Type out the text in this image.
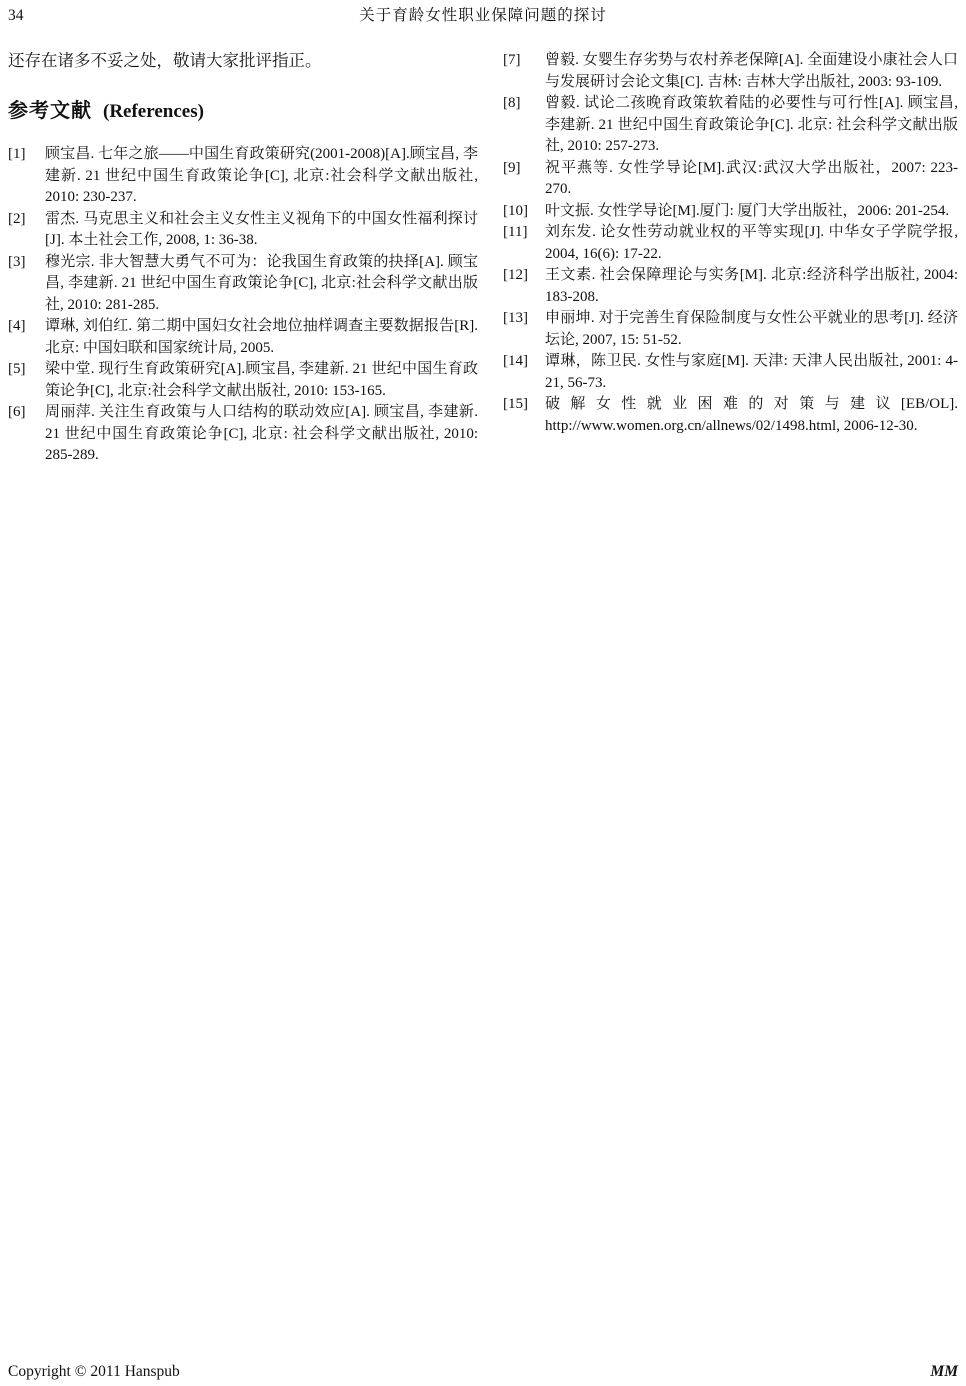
34	关于育龄女性职业保障问题的探讨

还存在诸多不妥之处，敬请大家批评指正。

参考文献 (References)
[1]	顾宝昌. 七年之旅——中国生育政策研究(2001-2008)[A].顾宝昌, 李建新. 21 世纪中国生育政策论争[C], 北京:社会科学文献出版社, 2010: 230-237.
[2]	雷杰. 马克思主义和社会主义女性主义视角下的中国女性福利探讨[J]. 本土社会工作, 2008, 1: 36-38.
[3]	穆光宗. 非大智慧大勇气不可为：论我国生育政策的抉择[A]. 顾宝昌, 李建新. 21 世纪中国生育政策论争[C], 北京:社会科学文献出版社, 2010: 281-285.
[4]	谭琳, 刘伯红. 第二期中国妇女社会地位抽样调查主要数据报告[R]. 北京: 中国妇联和国家统计局, 2005.
[5]	梁中堂. 现行生育政策研究[A].顾宝昌, 李建新. 21 世纪中国生育政策论争[C], 北京:社会科学文献出版社, 2010: 153-165.
[6]	周丽萍. 关注生育政策与人口结构的联动效应[A]. 顾宝昌, 李建新. 21 世纪中国生育政策论争[C], 北京: 社会科学文献出版社, 2010: 285-289.
[7]	曾毅. 女婴生存劣势与农村养老保障[A]. 全面建设小康社会人口与发展研讨会论文集[C]. 吉林: 吉林大学出版社, 2003: 93-109.
[8]	曾毅. 试论二孩晚育政策软着陆的必要性与可行性[A]. 顾宝昌, 李建新. 21 世纪中国生育政策论争[C]. 北京: 社会科学文献出版社, 2010: 257-273.
[9]	祝平燕等. 女性学导论[M].武汉:武汉大学出版社，2007: 223-270.
[10]	叶文振. 女性学导论[M].厦门: 厦门大学出版社，2006: 201-254.
[11]	刘东发. 论女性劳动就业权的平等实现[J]. 中华女子学院学报, 2004, 16(6): 17-22.
[12]	王文素. 社会保障理论与实务[M]. 北京:经济科学出版社, 2004: 183-208.
[13]	申丽坤. 对于完善生育保险制度与女性公平就业的思考[J]. 经济坛论, 2007, 15: 51-52.
[14]	谭琳，陈卫民. 女性与家庭[M]. 天津: 天津人民出版社, 2001: 4-21, 56-73.
[15]	破解女性就业困难的对策与建议[EB/OL]. http://www.women.org.cn/allnews/02/1498.html, 2006-12-30.
Copyright © 2011 Hanspub	MM
